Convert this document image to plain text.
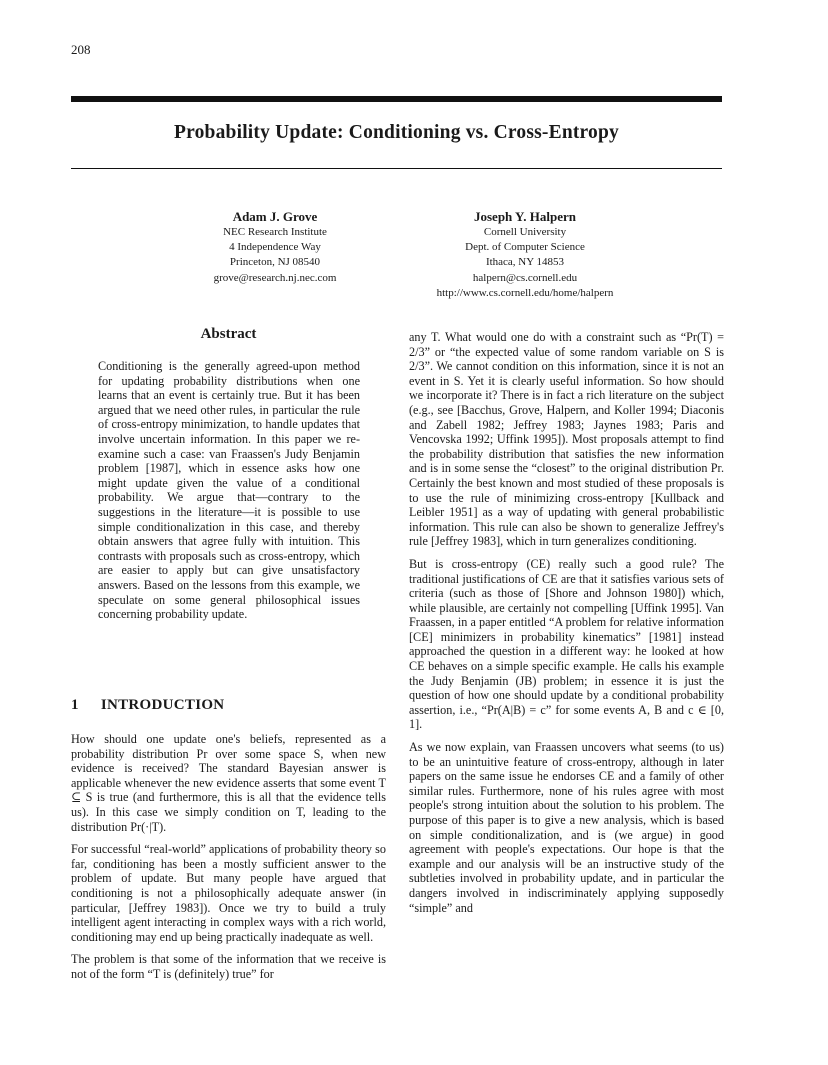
208
Probability Update: Conditioning vs. Cross-Entropy
Adam J. Grove
NEC Research Institute
4 Independence Way
Princeton, NJ 08540
grove@research.nj.nec.com
Joseph Y. Halpern
Cornell University
Dept. of Computer Science
Ithaca, NY 14853
halpern@cs.cornell.edu
http://www.cs.cornell.edu/home/halpern
Abstract
Conditioning is the generally agreed-upon method for updating probability distributions when one learns that an event is certainly true. But it has been argued that we need other rules, in particular the rule of cross-entropy minimization, to handle updates that involve uncertain information. In this paper we re-examine such a case: van Fraassen's Judy Benjamin problem [1987], which in essence asks how one might update given the value of a conditional probability. We argue that—contrary to the suggestions in the literature—it is possible to use simple conditionalization in this case, and thereby obtain answers that agree fully with intuition. This contrasts with proposals such as cross-entropy, which are easier to apply but can give unsatisfactory answers. Based on the lessons from this example, we speculate on some general philosophical issues concerning probability update.
1 INTRODUCTION

How should one update one's beliefs, represented as a probability distribution Pr over some space S, when new evidence is received? The standard Bayesian answer is applicable whenever the new evidence asserts that some event T ⊆ S is true (and furthermore, this is all that the evidence tells us). In this case we simply condition on T, leading to the distribution Pr(·|T).

For successful “real-world” applications of probability theory so far, conditioning has been a mostly sufficient answer to the problem of update. But many people have argued that conditioning is not a philosophically adequate answer (in particular, [Jeffrey 1983]). Once we try to build a truly intelligent agent interacting in complex ways with a rich world, conditioning may end up being practically inadequate as well.

The problem is that some of the information that we receive is not of the form “T is (definitely) true” for

any T. What would one do with a constraint such as “Pr(T) = 2/3” or “the expected value of some random variable on S is 2/3”. We cannot condition on this information, since it is not an event in S. Yet it is clearly useful information. So how should we incorporate it? There is in fact a rich literature on the subject (e.g., see [Bacchus, Grove, Halpern, and Koller 1994; Diaconis and Zabell 1982; Jeffrey 1983; Jaynes 1983; Paris and Vencovska 1992; Uffink 1995]). Most proposals attempt to find the probability distribution that satisfies the new information and is in some sense the “closest” to the original distribution Pr. Certainly the best known and most studied of these proposals is to use the rule of minimizing cross-entropy [Kullback and Leibler 1951] as a way of updating with general probabilistic information. This rule can also be shown to generalize Jeffrey's rule [Jeffrey 1983], which in turn generalizes conditioning.

But is cross-entropy (CE) really such a good rule? The traditional justifications of CE are that it satisfies various sets of criteria (such as those of [Shore and Johnson 1980]) which, while plausible, are certainly not compelling [Uffink 1995]. Van Fraassen, in a paper entitled “A problem for relative information [CE] minimizers in probability kinematics” [1981] instead approached the question in a different way: he looked at how CE behaves on a simple specific example. He calls his example the Judy Benjamin (JB) problem; in essence it is just the question of how one should update by a conditional probability assertion, i.e., “Pr(A|B) = c” for some events A, B and c ∈ [0, 1].

As we now explain, van Fraassen uncovers what seems (to us) to be an unintuitive feature of cross-entropy, although in later papers on the same issue he endorses CE and a family of other similar rules. Furthermore, none of his rules agree with most people's strong intuition about the solution to his problem. The purpose of this paper is to give a new analysis, which is based on simple conditionalization, and is (we argue) in good agreement with people's expectations. Our hope is that the example and our analysis will be an instructive study of the subtleties involved in probability update, and in particular the dangers involved in indiscriminately applying supposedly “simple” and
